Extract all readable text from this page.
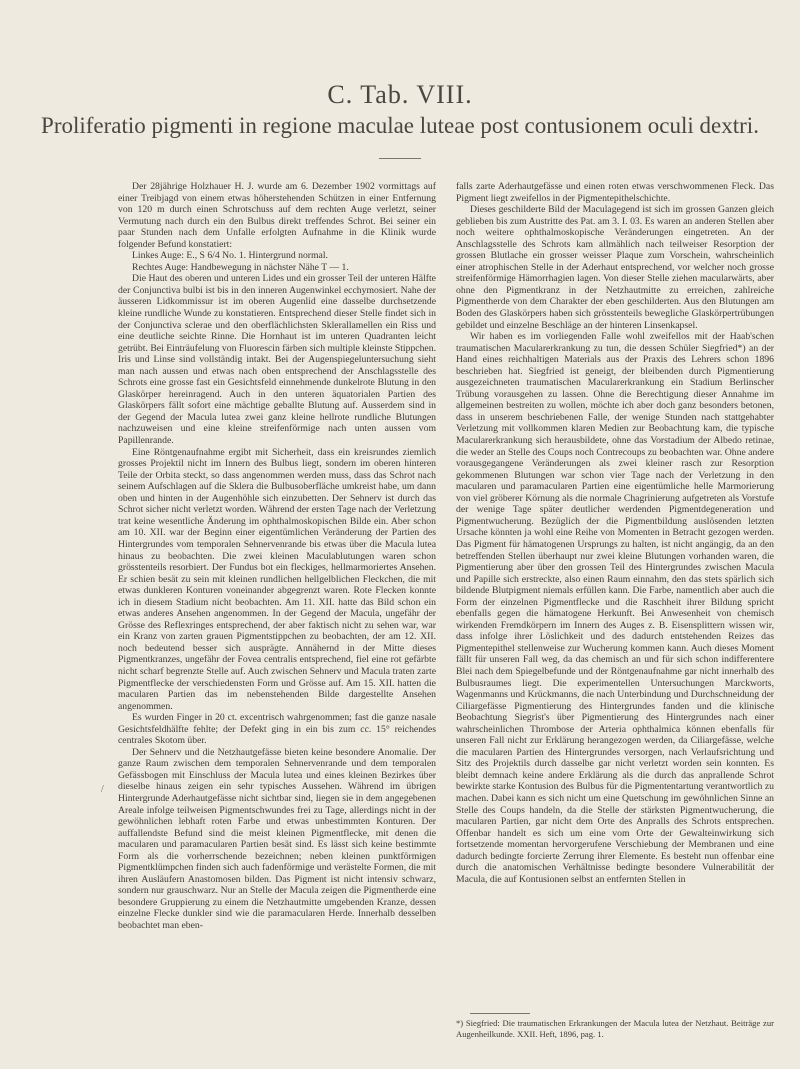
C. Tab. VIII.
Proliferatio pigmenti in regione maculae luteae post contusionem oculi dextri.
/

Der 28jährige Holzhauer H. J. wurde am 6. Dezember 1902 vormittags auf einer Treibjagd von einem etwas höherstehenden Schützen in einer Entfernung von 120 m durch einen Schrotschuss auf dem rechten Auge verletzt, seiner Vermutung nach durch ein den Bulbus direkt treffendes Schrot. Bei seiner ein paar Stunden nach dem Unfalle erfolgten Aufnahme in die Klinik wurde folgender Befund konstatiert:

Linkes Auge: E., S 6/4 No. 1. Hintergrund normal.

Rechtes Auge: Handbewegung in nächster Nähe T — 1.

Die Haut des oberen und unteren Lides und ein grosser Teil der unteren Hälfte der Conjunctiva bulbi ist bis in den inneren Augenwinkel ecchymosiert. Nahe der äusseren Lidkommissur ist im oberen Augenlid eine dasselbe durchsetzende kleine rundliche Wunde zu konstatieren. Entsprechend dieser Stelle findet sich in der Conjunctiva sclerae und den oberflächlichsten Sklerallamellen ein Riss und eine deutliche seichte Rinne. Die Hornhaut ist im unteren Quadranten leicht getrübt. Bei Einträufelung von Fluorescin färben sich multiple kleinste Stippchen. Iris und Linse sind vollständig intakt. Bei der Augenspiegeluntersuchung sieht man nach aussen und etwas nach oben entsprechend der Anschlagsstelle des Schrots eine grosse fast ein Gesichtsfeld einnehmende dunkelrote Blutung in den Glaskörper hereinragend. Auch in den unteren äquatorialen Partien des Glaskörpers fällt sofort eine mächtige geballte Blutung auf. Ausserdem sind in der Gegend der Macula lutea zwei ganz kleine hellrote rundliche Blutungen nachzuweisen und eine kleine streifenförmige nach unten aussen vom Papillenrande.

Eine Röntgenaufnahme ergibt mit Sicherheit, dass ein kreisrundes ziemlich grosses Projektil nicht im Innern des Bulbus liegt, sondern im oberen hinteren Teile der Orbita steckt, so dass angenommen werden muss, dass das Schrot nach seinem Aufschlagen auf die Sklera die Bulbusoberfläche umkreist habe, um dann oben und hinten in der Augenhöhle sich einzubetten. Der Sehnerv ist durch das Schrot sicher nicht verletzt worden. Während der ersten Tage nach der Verletzung trat keine wesentliche Änderung im ophthalmoskopischen Bilde ein. Aber schon am 10. XII. war der Beginn einer eigentümlichen Veränderung der Partien des Hintergrundes vom temporalen Sehnervenrande bis etwas über die Macula lutea hinaus zu beobachten. Die zwei kleinen Maculablutungen waren schon grösstenteils resorbiert. Der Fundus bot ein fleckiges, hellmarmoriertes Ansehen. Er schien besät zu sein mit kleinen rundlichen hellgelblichen Fleckchen, die mit etwas dunkleren Konturen voneinander abgegrenzt waren. Rote Flecken konnte ich in diesem Stadium nicht beobachten. Am 11. XII. hatte das Bild schon ein etwas anderes Ansehen angenommen. In der Gegend der Macula, ungefähr der Grösse des Reflexringes entsprechend, der aber faktisch nicht zu sehen war, war ein Kranz von zarten grauen Pigmentstippchen zu beobachten, der am 12. XII. noch bedeutend besser sich ausprägte. Annähernd in der Mitte dieses Pigmentkranzes, ungefähr der Fovea centralis entsprechend, fiel eine rot gefärbte nicht scharf begrenzte Stelle auf. Auch zwischen Sehnerv und Macula traten zarte Pigmentflecke der verschiedensten Form und Grösse auf. Am 15. XII. hatten die macularen Partien das im nebenstehenden Bilde dargestellte Ansehen angenommen.

Es wurden Finger in 20 ct. excentrisch wahrgenommen; fast die ganze nasale Gesichtsfeldhälfte fehlte; der Defekt ging in ein bis zum cc. 15° reichendes centrales Skotom über.

Der Sehnerv und die Netzhautgefässe bieten keine besondere Anomalie. Der ganze Raum zwischen dem temporalen Sehnervenrande und dem temporalen Gefässbogen mit Einschluss der Macula lutea und eines kleinen Bezirkes über dieselbe hinaus zeigen ein sehr typisches Aussehen. Während im übrigen Hintergrunde Aderhautgefässe nicht sichtbar sind, liegen sie in dem angegebenen Areale infolge teilweisen Pigmentschwundes frei zu Tage, allerdings nicht in der gewöhnlichen lebhaft roten Farbe und etwas unbestimmten Konturen. Der auffallendste Befund sind die meist kleinen Pigmentflecke, mit denen die macularen und paramacularen Partien besät sind. Es lässt sich keine bestimmte Form als die vorherrschende bezeichnen; neben kleinen punktförmigen Pigmentklümpchen finden sich auch fadenförmige und verästelte Formen, die mit ihren Ausläufern Anastomosen bilden. Das Pigment ist nicht intensiv schwarz, sondern nur grauschwarz. Nur an Stelle der Macula zeigen die Pigmentherde eine besondere Gruppierung zu einem die Netzhautmitte umgebenden Kranze, dessen einzelne Flecke dunkler sind wie die paramacularen Herde. Innerhalb desselben beobachtet man eben-

falls zarte Aderhautgefässe und einen roten etwas verschwommenen Fleck. Das Pigment liegt zweifellos in der Pigmentepithelschichte.

Dieses geschilderte Bild der Maculagegend ist sich im grossen Ganzen gleich geblieben bis zum Austritte des Pat. am 3. I. 03. Es waren an anderen Stellen aber noch weitere ophthalmoskopische Veränderungen eingetreten. An der Anschlagsstelle des Schrots kam allmählich nach teilweiser Resorption der grossen Blutlache ein grosser weisser Plaque zum Vorschein, wahrscheinlich einer atrophischen Stelle in der Aderhaut entsprechend, vor welcher noch grosse streifenförmige Hämorrhagien lagen. Von dieser Stelle ziehen macularwärts, aber ohne den Pigmentkranz in der Netzhautmitte zu erreichen, zahlreiche Pigmentherde von dem Charakter der eben geschilderten. Aus den Blutungen am Boden des Glaskörpers haben sich grösstenteils bewegliche Glaskörpertrübungen gebildet und einzelne Beschläge an der hinteren Linsenkapsel.

Wir haben es im vorliegenden Falle wohl zweifellos mit der Haab'schen traumatischen Macularerkrankung zu tun, die dessen Schüler Siegfried*) an der Hand eines reichhaltigen Materials aus der Praxis des Lehrers schon 1896 beschrieben hat. Siegfried ist geneigt, der bleibenden durch Pigmentierung ausgezeichneten traumatischen Macularerkrankung ein Stadium Berlinscher Trübung vorausgehen zu lassen. Ohne die Berechtigung dieser Annahme im allgemeinen bestreiten zu wollen, möchte ich aber doch ganz besonders betonen, dass in unserem beschriebenen Falle, der wenige Stunden nach stattgehabter Verletzung mit vollkommen klaren Medien zur Beobachtung kam, die typische Macularerkrankung sich herausbildete, ohne das Vorstadium der Albedo retinae, die weder an Stelle des Coups noch Contrecoups zu beobachten war. Ohne andere vorausgegangene Veränderungen als zwei kleiner rasch zur Resorption gekommenen Blutungen war schon vier Tage nach der Verletzung in den macularen und paramacularen Partien eine eigentümliche helle Marmorierung von viel gröberer Körnung als die normale Chagrinierung aufgetreten als Vorstufe der wenige Tage später deutlicher werdenden Pigmentdegeneration und Pigmentwucherung. Bezüglich der die Pigmentbildung auslösenden letzten Ursache könnten ja wohl eine Reihe von Momenten in Betracht gezogen werden. Das Pigment für hämatogenen Ursprungs zu halten, ist nicht angängig, da an den betreffenden Stellen überhaupt nur zwei kleine Blutungen vorhanden waren, die Pigmentierung aber über den grossen Teil des Hintergrundes zwischen Macula und Papille sich erstreckte, also einen Raum einnahm, den das stets spärlich sich bildende Blutpigment niemals erfüllen kann. Die Farbe, namentlich aber auch die Form der einzelnen Pigmentflecke und die Raschheit ihrer Bildung spricht ebenfalls gegen die hämatogene Herkunft. Bei Anwesenheit von chemisch wirkenden Fremdkörpern im Innern des Auges z. B. Eisensplittern wissen wir, dass infolge ihrer Löslichkeit und des dadurch entstehenden Reizes das Pigmentepithel stellenweise zur Wucherung kommen kann. Auch dieses Moment fällt für unseren Fall weg, da das chemisch an und für sich schon indifferentere Blei nach dem Spiegelbefunde und der Röntgenaufnahme gar nicht innerhalb des Bulbusraumes liegt. Die experimentellen Untersuchungen Marckworts, Wagenmanns und Krückmanns, die nach Unterbindung und Durchschneidung der Ciliargefässe Pigmentierung des Hintergrundes fanden und die klinische Beobachtung Siegrist's über Pigmentierung des Hintergrundes nach einer wahrscheinlichen Thrombose der Arteria ophthalmica können ebenfalls für unseren Fall nicht zur Erklärung herangezogen werden, da Ciliargefässe, welche die macularen Partien des Hintergrundes versorgen, nach Verlaufsrichtung und Sitz des Projektils durch dasselbe gar nicht verletzt worden sein konnten. Es bleibt demnach keine andere Erklärung als die durch das anprallende Schrot bewirkte starke Kontusion des Bulbus für die Pigmententartung verantwortlich zu machen. Dabei kann es sich nicht um eine Quetschung im gewöhnlichen Sinne an Stelle des Coups handeln, da die Stelle der stärksten Pigmentwucherung, die macularen Partien, gar nicht dem Orte des Anpralls des Schrots entsprechen. Offenbar handelt es sich um eine vom Orte der Gewalteinwirkung sich fortsetzende momentan hervorgerufene Verschiebung der Membranen und eine dadurch bedingte forcierte Zerrung ihrer Elemente. Es besteht nun offenbar eine durch die anatomischen Verhältnisse bedingte besondere Vulnerabilität der Macula, die auf Kontusionen selbst an entfernten Stellen in

*) Siegfried: Die traumatischen Erkrankungen der Macula lutea der Netzhaut. Beiträge zur Augenheilkunde. XXII. Heft, 1896, pag. 1.
